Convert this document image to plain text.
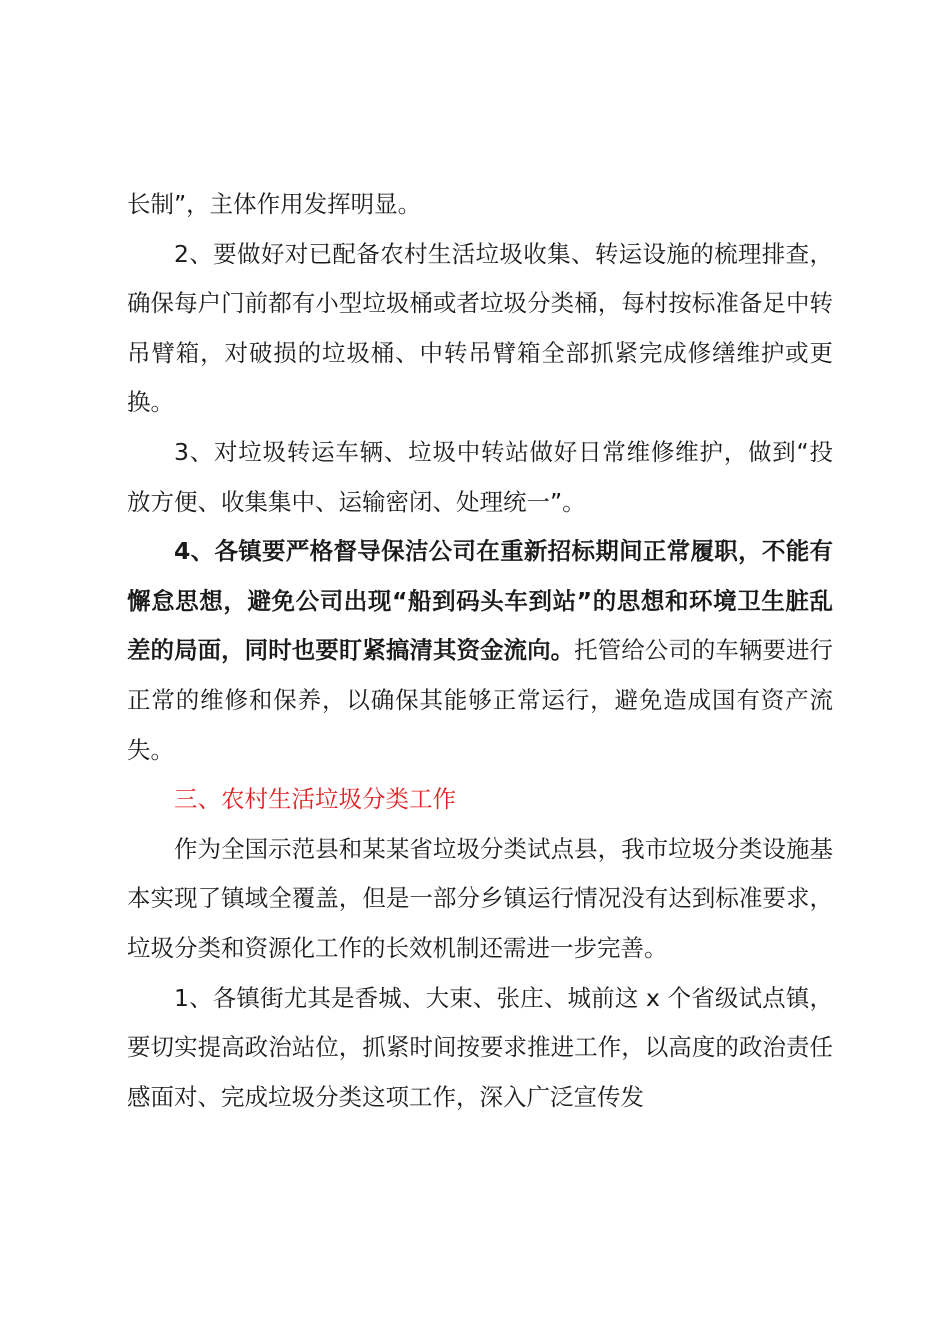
长制”，主体作用发挥明显。

2、要做好对已配备农村生活垃圾收集、转运设施的梳理排查，确保每户门前都有小型垃圾桶或者垃圾分类桶，每村按标准备足中转吊臂箱，对破损的垃圾桶、中转吊臂箱全部抓紧完成修缮维护或更换。

3、对垃圾转运车辆、垃圾中转站做好日常维修维护，做到“投放方便、收集集中、运输密闭、处理统一”。

4、各镇要严格督导保洁公司在重新招标期间正常履职，不能有懈怠思想，避免公司出现“船到码头车到站”的思想和环境卫生脏乱差的局面，同时也要盯紧搞清其资金流向。托管给公司的车辆要进行正常的维修和保养，以确保其能够正常运行，避免造成国有资产流失。

三、农村生活垃圾分类工作

作为全国示范县和某某省垃圾分类试点县，我市垃圾分类设施基本实现了镇域全覆盖，但是一部分乡镇运行情况没有达到标准要求，垃圾分类和资源化工作的长效机制还需进一步完善。

1、各镇街尤其是香城、大束、张庄、城前这 x 个省级试点镇，要切实提高政治站位，抓紧时间按要求推进工作，以高度的政治责任感面对、完成垃圾分类这项工作，深入广泛宣传发
